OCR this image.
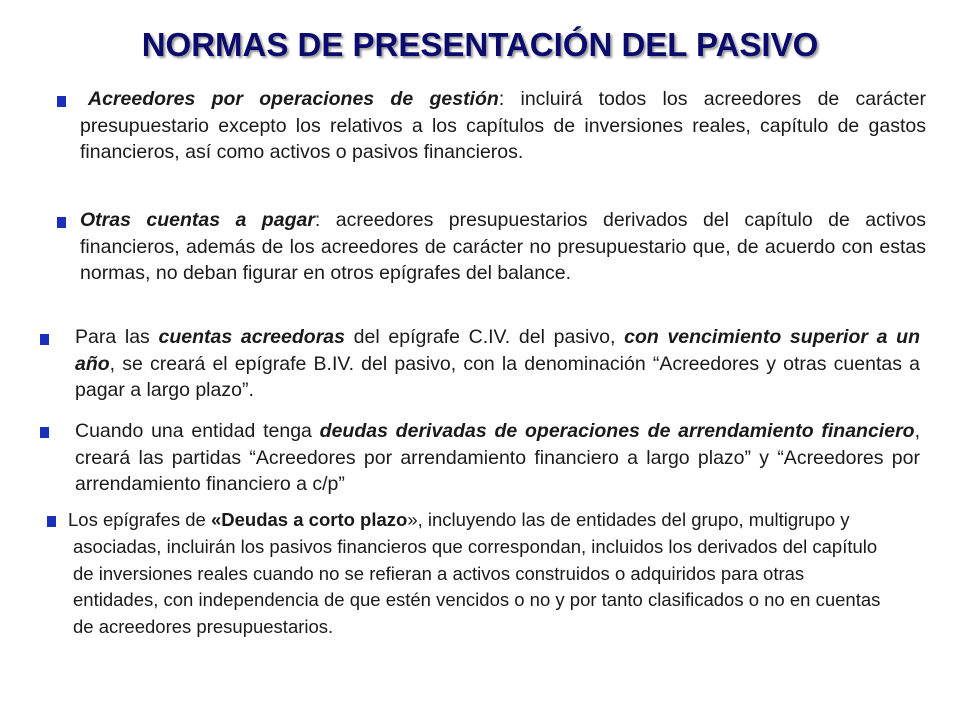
NORMAS DE PRESENTACIÓN DEL PASIVO

Acreedores por operaciones de gestión: incluirá todos los acreedores de carácter presupuestario excepto los relativos a los capítulos de inversiones reales, capítulo de gastos financieros, así como activos o pasivos financieros.

Otras cuentas a pagar: acreedores presupuestarios derivados del capítulo de activos financieros, además de los acreedores de carácter no presupuestario que, de acuerdo con estas normas, no deban figurar en otros epígrafes del balance.

Para las cuentas acreedoras del epígrafe C.IV. del pasivo, con vencimiento superior a un año, se creará el epígrafe B.IV. del pasivo, con la denominación “Acreedores y otras cuentas a pagar a largo plazo”.

Cuando una entidad tenga deudas derivadas de operaciones de arrendamiento financiero, creará las partidas “Acreedores por arrendamiento financiero a largo plazo” y “Acreedores por arrendamiento financiero a c/p”

Los epígrafes de «Deudas a corto plazo», incluyendo las de entidades del grupo, multigrupo y asociadas, incluirán los pasivos financieros que correspondan, incluidos los derivados del capítulo de inversiones reales cuando no se refieran a activos construidos o adquiridos para otras entidades, con independencia de que estén vencidos o no y por tanto clasificados o no en cuentas de acreedores presupuestarios.
